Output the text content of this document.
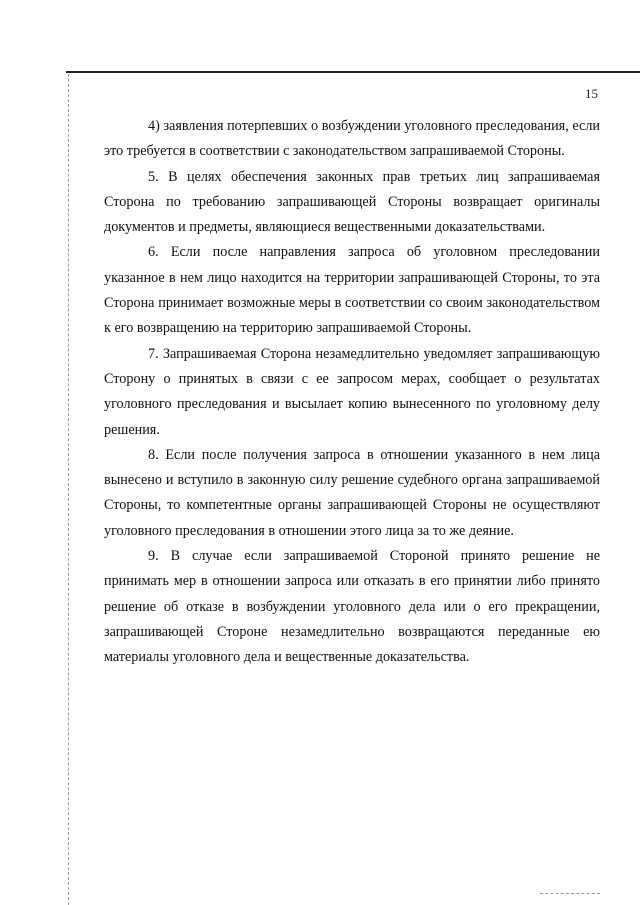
15

4) заявления потерпевших о возбуждении уголовного преследования, если это требуется в соответствии с законодательством запрашиваемой Стороны.

5. В целях обеспечения законных прав третьих лиц запрашиваемая Сторона по требованию запрашивающей Стороны возвращает оригиналы документов и предметы, являющиеся вещественными доказательствами.

6. Если после направления запроса об уголовном преследовании указанное в нем лицо находится на территории запрашивающей Стороны, то эта Сторона принимает возможные меры в соответствии со своим законодательством к его возвращению на территорию запрашиваемой Стороны.

7. Запрашиваемая Сторона незамедлительно уведомляет запрашивающую Сторону о принятых в связи с ее запросом мерах, сообщает о результатах уголовного преследования и высылает копию вынесенного по уголовному делу решения.

8. Если после получения запроса в отношении указанного в нем лица вынесено и вступило в законную силу решение судебного органа запрашиваемой Стороны, то компетентные органы запрашивающей Стороны не осуществляют уголовного преследования в отношении этого лица за то же деяние.

9. В случае если запрашиваемой Стороной принято решение не принимать мер в отношении запроса или отказать в его принятии либо принято решение об отказе в возбуждении уголовного дела или о его прекращении, запрашивающей Стороне незамедлительно возвращаются переданные ею материалы уголовного дела и вещественные доказательства.
